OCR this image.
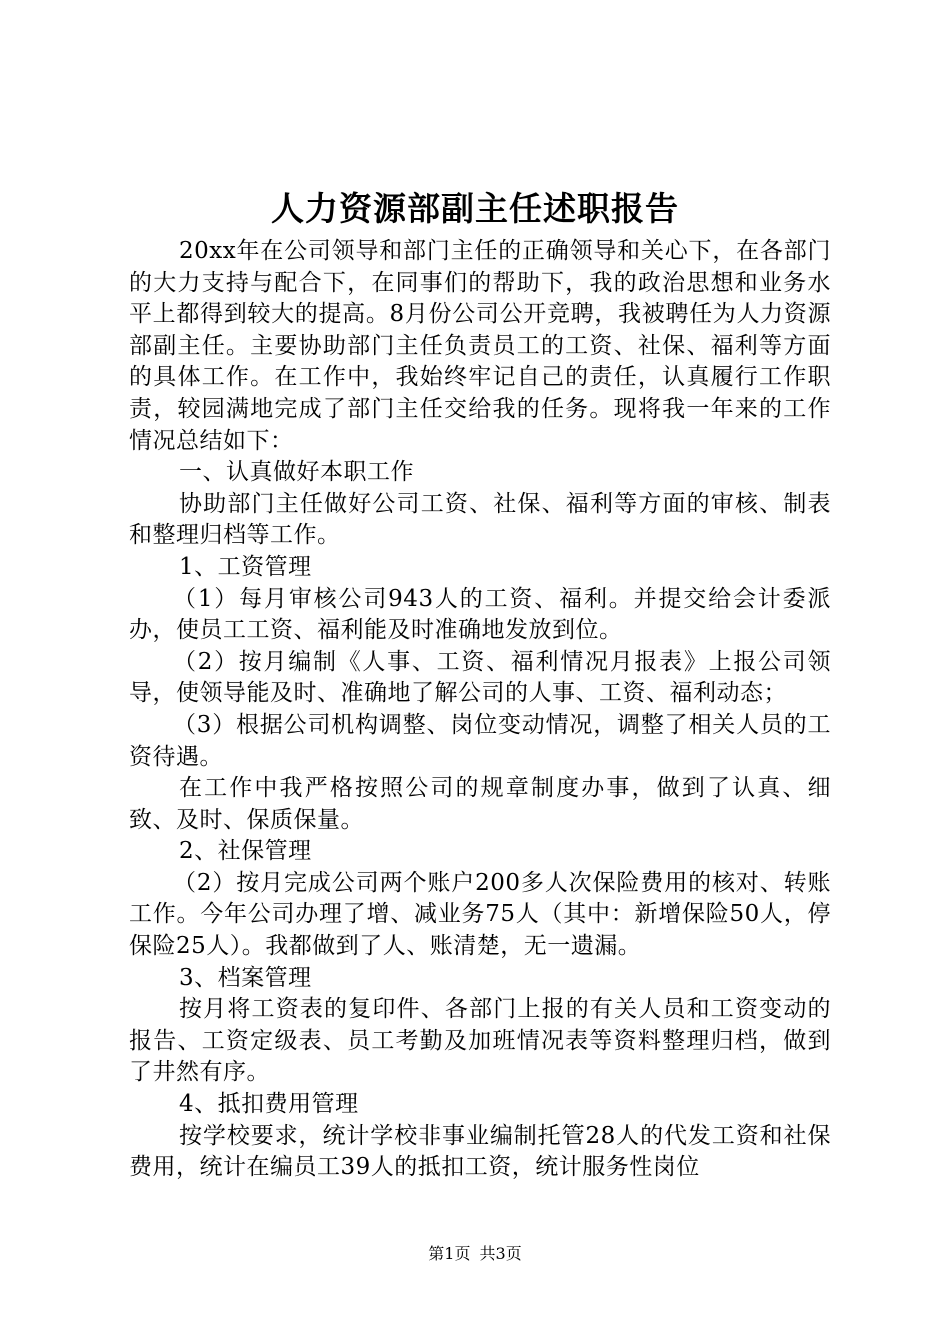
人力资源部副主任述职报告

20xx年在公司领导和部门主任的正确领导和关心下，在各部门的大力支持与配合下，在同事们的帮助下，我的政治思想和业务水平上都得到较大的提高。8月份公司公开竞聘，我被聘任为人力资源部副主任。主要协助部门主任负责员工的工资、社保、福利等方面的具体工作。在工作中，我始终牢记自己的责任，认真履行工作职责，较园满地完成了部门主任交给我的任务。现将我一年来的工作情况总结如下：

一、认真做好本职工作

协助部门主任做好公司工资、社保、福利等方面的审核、制表和整理归档等工作。

1、工资管理

（1）每月审核公司943人的工资、福利。并提交给会计委派办，使员工工资、福利能及时准确地发放到位。

（2）按月编制《人事、工资、福利情况月报表》上报公司领导，使领导能及时、准确地了解公司的人事、工资、福利动态；

（3）根据公司机构调整、岗位变动情况，调整了相关人员的工资待遇。

在工作中我严格按照公司的规章制度办事，做到了认真、细致、及时、保质保量。

2、社保管理

（2）按月完成公司两个账户200多人次保险费用的核对、转账工作。今年公司办理了增、减业务75人（其中：新增保险50人，停保险25人）。我都做到了人、账清楚，无一遗漏。

3、档案管理

按月将工资表的复印件、各部门上报的有关人员和工资变动的报告、工资定级表、员工考勤及加班情况表等资料整理归档，做到了井然有序。

4、抵扣费用管理

按学校要求，统计学校非事业编制托管28人的代发工资和社保费用，统计在编员工39人的抵扣工资，统计服务性岗位

第1页 共3页
